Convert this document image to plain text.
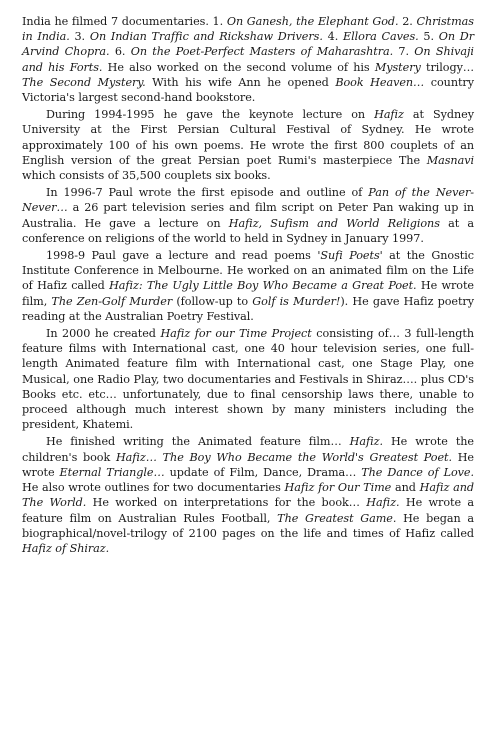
India he filmed 7 documentaries. 1. On Ganesh, the Elephant God. 2. Christmas in India. 3. On Indian Traffic and Rickshaw Drivers. 4. Ellora Caves. 5. On Dr Arvind Chopra. 6. On the Poet-Perfect Masters of Maharashtra. 7. On Shivaji and his Forts. He also worked on the second volume of his Mystery trilogy… The Second Mystery. With his wife Ann he opened Book Heaven… country Victoria's largest second-hand bookstore.

During 1994-1995 he gave the keynote lecture on Hafiz at Sydney University at the First Persian Cultural Festival of Sydney. He wrote approximately 100 of his own poems. He wrote the first 800 couplets of an English version of the great Persian poet Rumi's masterpiece The Masnavi which consists of 35,500 couplets six books.

In 1996-7 Paul wrote the first episode and outline of Pan of the Never-Never… a 26 part television series and film script on Peter Pan waking up in Australia. He gave a lecture on Hafiz, Sufism and World Religions at a conference on religions of the world to held in Sydney in January 1997.

1998-9 Paul gave a lecture and read poems 'Sufi Poets' at the Gnostic Institute Conference in Melbourne. He worked on an animated film on the Life of Hafiz called Hafiz: The Ugly Little Boy Who Became a Great Poet. He wrote film, The Zen-Golf Murder (follow-up to Golf is Murder!). He gave Hafiz poetry reading at the Australian Poetry Festival.

In 2000 he created Hafiz for our Time Project consisting of… 3 full-length feature films with International cast, one 40 hour television series, one full-length Animated feature film with International cast, one Stage Play, one Musical, one Radio Play, two documentaries and Festivals in Shiraz…. plus CD's Books etc. etc… unfortunately, due to final censorship laws there, unable to proceed although much interest shown by many ministers including the president, Khatemi.

He finished writing the Animated feature film… Hafiz. He wrote the children's book Hafiz… The Boy Who Became the World's Greatest Poet. He wrote Eternal Triangle… update of Film, Dance, Drama… The Dance of Love. He also wrote outlines for two documentaries Hafiz for Our Time and Hafiz and The World. He worked on interpretations for the book… Hafiz. He wrote a feature film on Australian Rules Football, The Greatest Game. He began a biographical/novel-trilogy of 2100 pages on the life and times of Hafiz called Hafiz of Shiraz.
